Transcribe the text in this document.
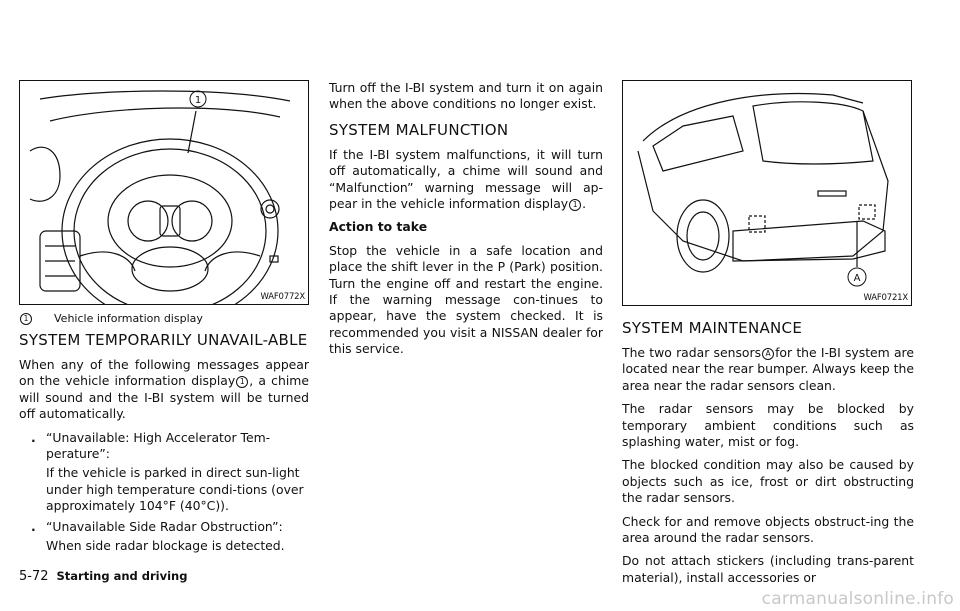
1
WAF0772X
1	Vehicle information display
SYSTEM TEMPORARILY UNAVAIL-ABLE

When any of the following messages appear on the vehicle information display 1 , a chime will sound and the I-BI system will be turned off automatically.

. “Unavailable: High Accelerator Tem-perature”:
If the vehicle is parked in direct sun-light under high temperature condi-tions (over approximately 104°F (40°C)).
. “Unavailable Side Radar Obstruction”:
When side radar blockage is detected.

Turn off the I-BI system and turn it on again when the above conditions no longer exist.

SYSTEM MALFUNCTION

If the I-BI system malfunctions, it will turn off automatically, a chime will sound and “Malfunction” warning message will ap-pear in the vehicle information display 1 .

Action to take

Stop the vehicle in a safe location and place the shift lever in the P (Park) position. Turn the engine off and restart the engine. If the warning message con-tinues to appear, have the system checked. It is recommended you visit a NISSAN dealer for this service.

A
WAF0721X
SYSTEM MAINTENANCE

The two radar sensors A for the I-BI system are located near the rear bumper. Always keep the area near the radar sensors clean.

The radar sensors may be blocked by temporary ambient conditions such as splashing water, mist or fog.

The blocked condition may also be caused by objects such as ice, frost or dirt obstructing the radar sensors.

Check for and remove objects obstruct-ing the area around the radar sensors.

Do not attach stickers (including trans-parent material), install accessories or

5-72 Starting and driving
carmanualsonline.info
